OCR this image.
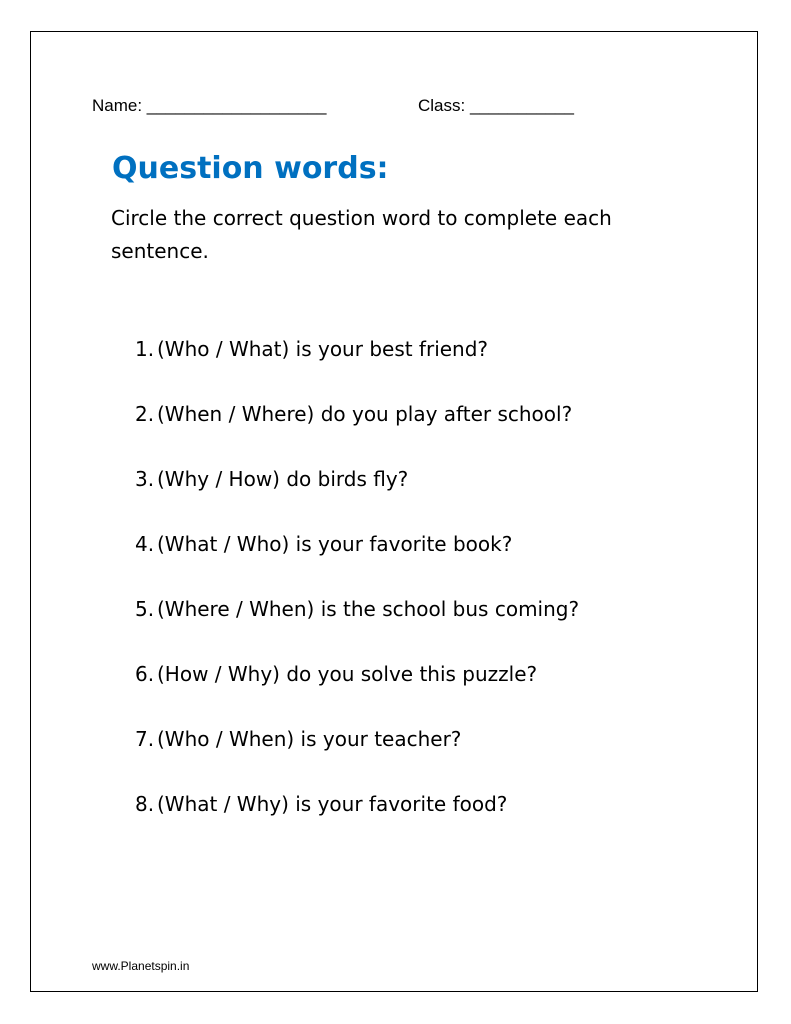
Name: ___________________	Class: ___________
Question words:

Circle the correct question word to complete each sentence.

1. (Who / What) is your best friend?
2. (When / Where) do you play after school?
3. (Why / How) do birds fly?
4. (What / Who) is your favorite book?
5. (Where / When) is the school bus coming?
6. (How / Why) do you solve this puzzle?
7. (Who / When) is your teacher?
8. (What / Why) is your favorite food?
www.Planetspin.in
